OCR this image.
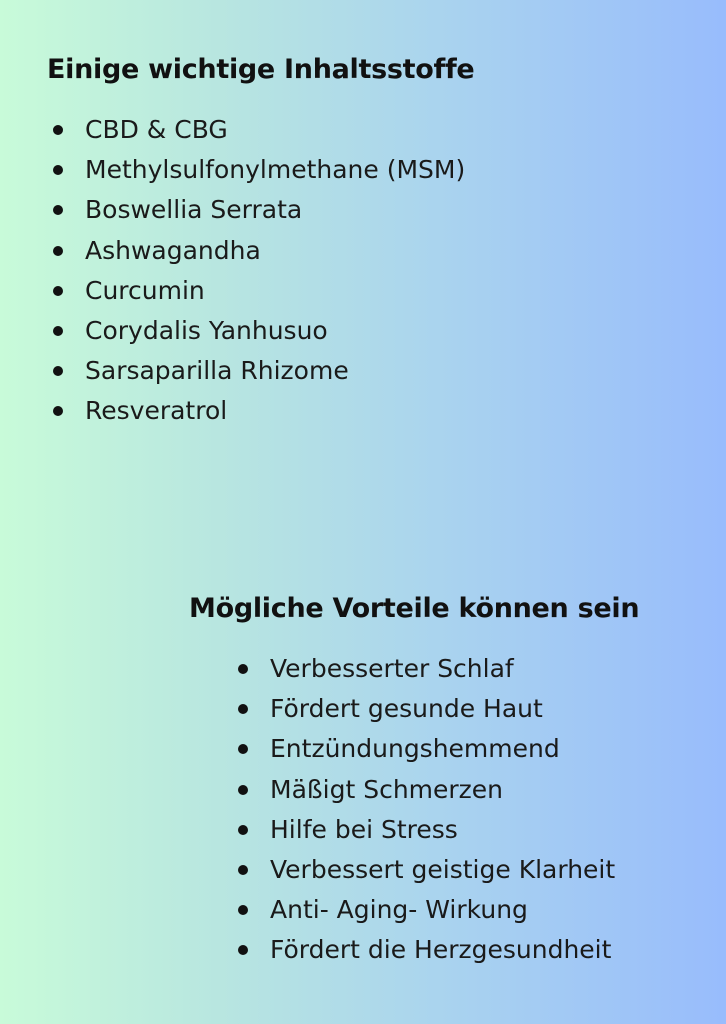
Einige wichtige Inhaltsstoffe
CBD & CBG
Methylsulfonylmethane (MSM)
Boswellia Serrata
Ashwagandha
Curcumin
Corydalis Yanhusuo
Sarsaparilla Rhizome
Resveratrol
Mögliche Vorteile können sein
Verbesserter Schlaf
Fördert gesunde Haut
Entzündungshemmend
Mäßigt Schmerzen
Hilfe bei Stress
Verbessert geistige Klarheit
Anti- Aging- Wirkung
Fördert die Herzgesundheit
